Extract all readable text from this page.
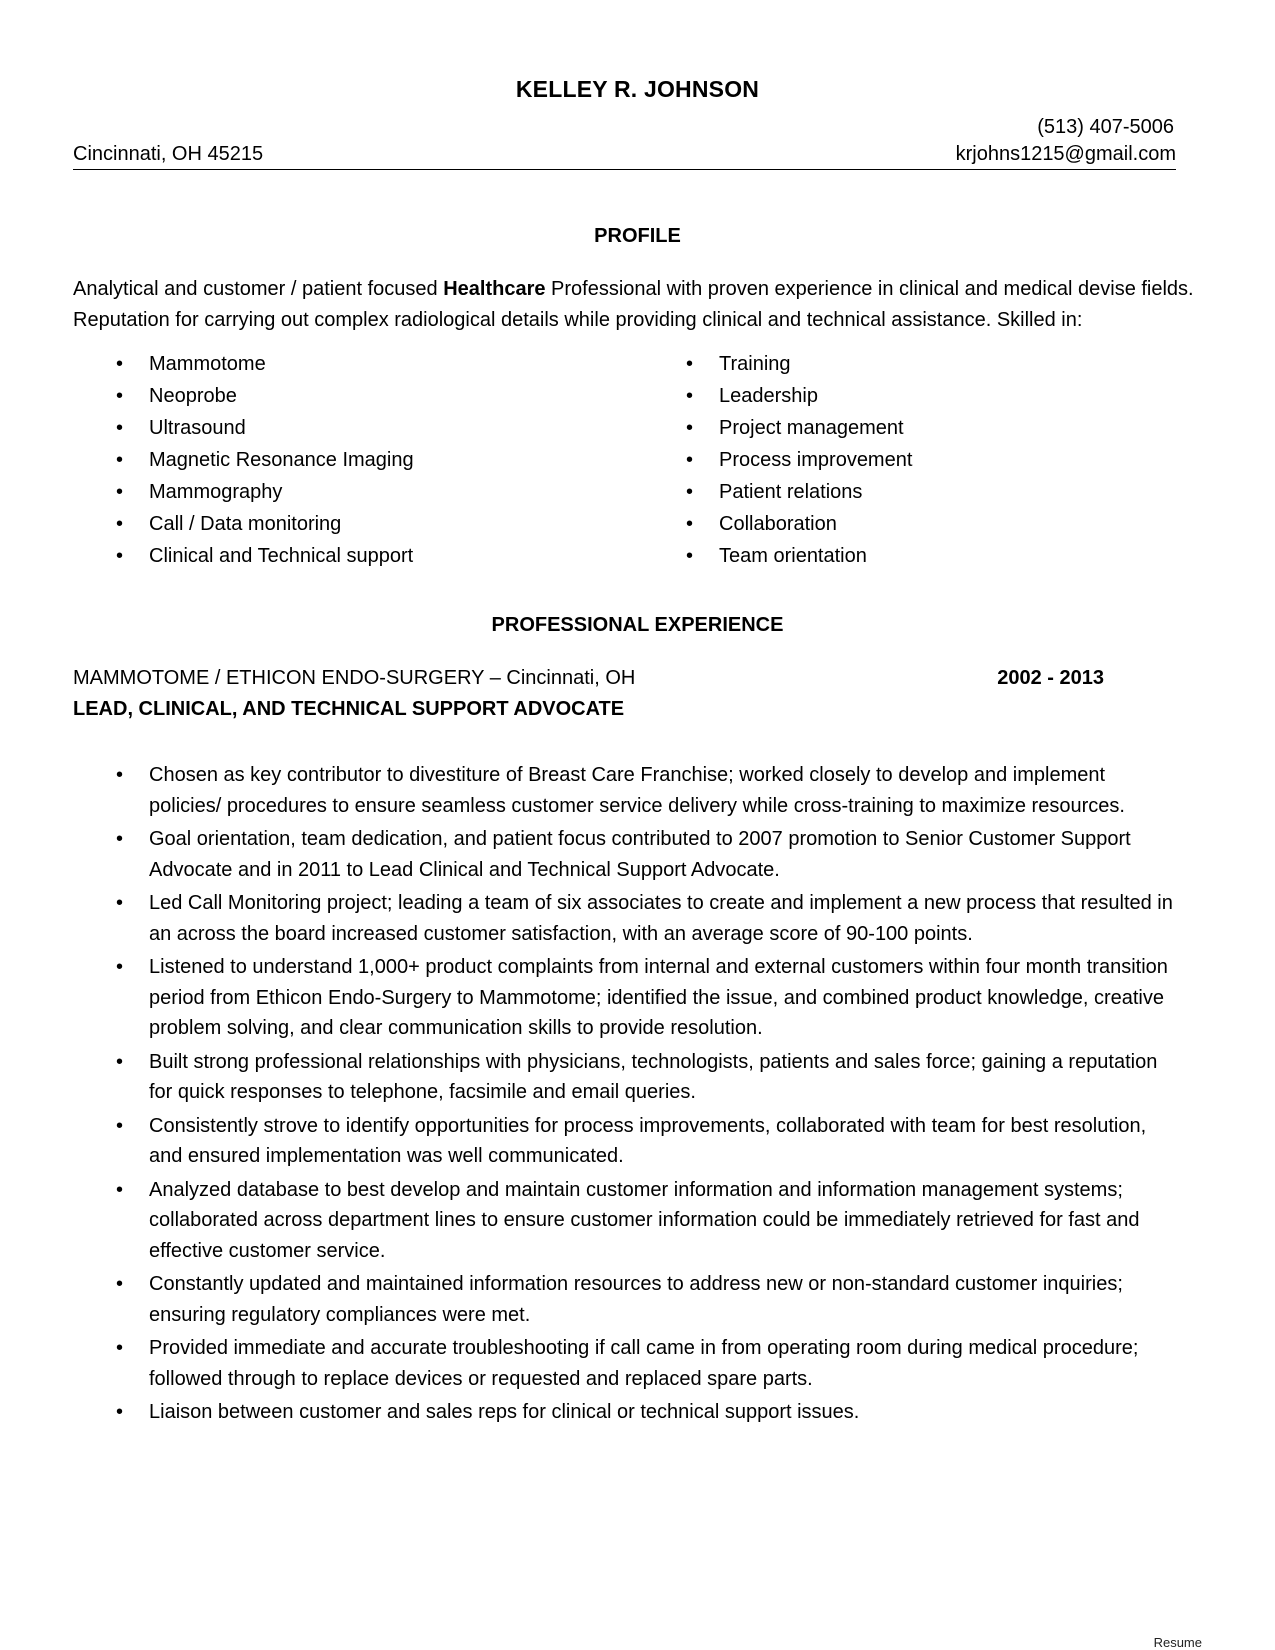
KELLEY R. JOHNSON
(513) 407-5006
Cincinnati, OH 45215	krjohns1215@gmail.com
PROFILE
Analytical and customer / patient focused Healthcare Professional with proven experience in clinical and medical devise fields. Reputation for carrying out complex radiological details while providing clinical and technical assistance. Skilled in:
• Mammotome
• Neoprobe
• Ultrasound
• Magnetic Resonance Imaging
• Mammography
• Call / Data monitoring
• Clinical and Technical support
• Training
• Leadership
• Project management
• Process improvement
• Patient relations
• Collaboration
• Team orientation
PROFESSIONAL EXPERIENCE
MAMMOTOME / ETHICON ENDO-SURGERY – Cincinnati, OH	2002 - 2013
LEAD, CLINICAL, AND TECHNICAL SUPPORT ADVOCATE
• Chosen as key contributor to divestiture of Breast Care Franchise; worked closely to develop and implement policies/ procedures to ensure seamless customer service delivery while cross-training to maximize resources.
• Goal orientation, team dedication, and patient focus contributed to 2007 promotion to Senior Customer Support Advocate and in 2011 to Lead Clinical and Technical Support Advocate.
• Led Call Monitoring project; leading a team of six associates to create and implement a new process that resulted in an across the board increased customer satisfaction, with an average score of 90-100 points.
• Listened to understand 1,000+ product complaints from internal and external customers within four month transition period from Ethicon Endo-Surgery to Mammotome; identified the issue, and combined product knowledge, creative problem solving, and clear communication skills to provide resolution.
• Built strong professional relationships with physicians, technologists, patients and sales force; gaining a reputation for quick responses to telephone, facsimile and email queries.
• Consistently strove to identify opportunities for process improvements, collaborated with team for best resolution, and ensured implementation was well communicated.
• Analyzed database to best develop and maintain customer information and information management systems; collaborated across department lines to ensure customer information could be immediately retrieved for fast and effective customer service.
• Constantly updated and maintained information resources to address new or non-standard customer inquiries; ensuring regulatory compliances were met.
• Provided immediate and accurate troubleshooting if call came in from operating room during medical procedure; followed through to replace devices or requested and replaced spare parts.
• Liaison between customer and sales reps for clinical or technical support issues.
Resume
